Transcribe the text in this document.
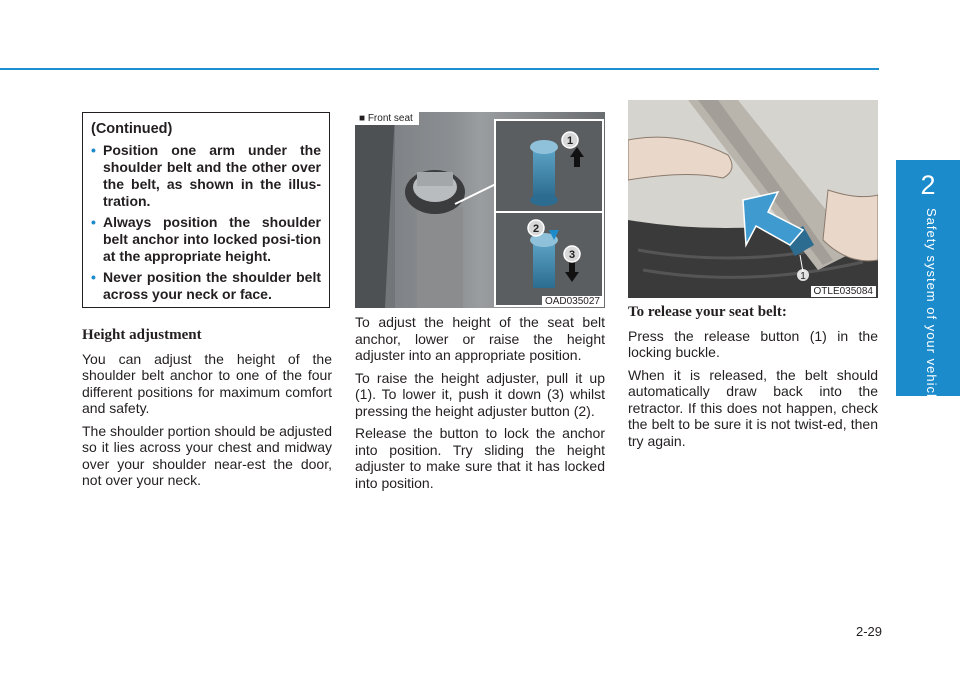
2
Safety system of your vehicle
(Continued)
• Position one arm under the shoulder belt and the other over the belt, as shown in the illus-tration.
• Always position the shoulder belt anchor into locked posi-tion at the appropriate height.
• Never position the shoulder belt across your neck or face.
Height adjustment

You can adjust the height of the shoulder belt anchor to one of the four different positions for maximum comfort and safety.

The shoulder portion should be adjusted so it lies across your chest and midway over your shoulder near-est the door, not over your neck.

1
2
3
■ Front seat
OAD035027

To adjust the height of the seat belt anchor, lower or raise the height adjuster into an appropriate position.

To raise the height adjuster, pull it up (1). To lower it, push it down (3) whilst pressing the height adjuster button (2).

Release the button to lock the anchor into position. Try sliding the height adjuster to make sure that it has locked into position.

1
OTLE035084
To release your seat belt:

Press the release button (1) in the locking buckle.

When it is released, the belt should automatically draw back into the retractor. If this does not happen, check the belt to be sure it is not twist-ed, then try again.

2-29
